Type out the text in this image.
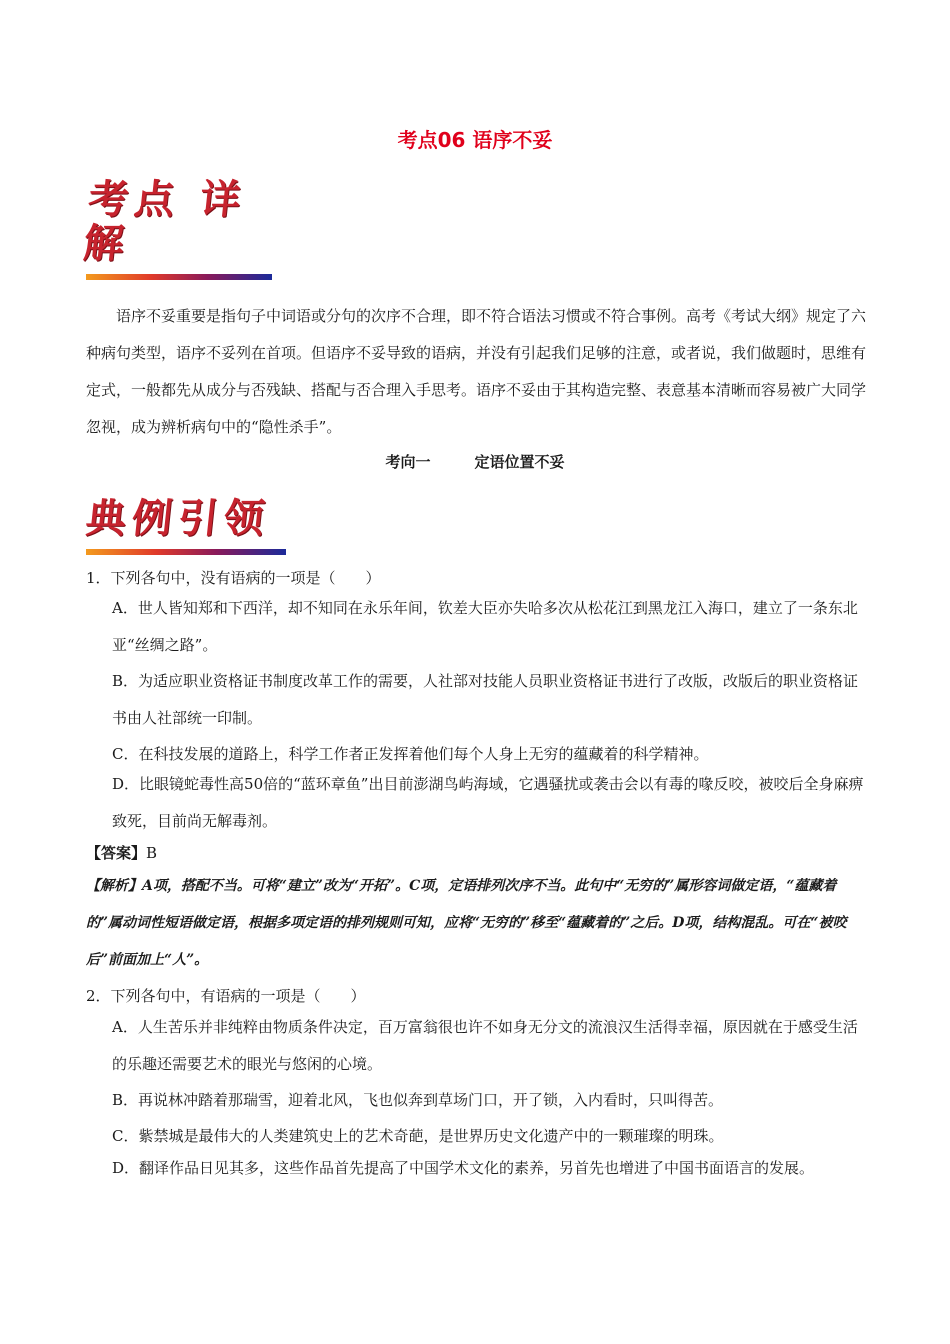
考点06 语序不妥
考点 详解

语序不妥重要是指句子中词语或分句的次序不合理，即不符合语法习惯或不符合事例。高考《考试大纲》规定了六种病句类型，语序不妥列在首项。但语序不妥导致的语病，并没有引起我们足够的注意，或者说，我们做题时，思维有定式，一般都先从成分与否残缺、搭配与否合理入手思考。语序不妥由于其构造完整、表意基本清晰而容易被广大同学忽视，成为辨析病句中的“隐性杀手”。

考向一	定语位置不妥
典例引领

1．下列各句中，没有语病的一项是（　　）

A．世人皆知郑和下西洋，却不知同在永乐年间，钦差大臣亦失哈多次从松花江到黑龙江入海口，建立了一条东北亚“丝绸之路”。

B．为适应职业资格证书制度改革工作的需要，人社部对技能人员职业资格证书进行了改版，改版后的职业资格证书由人社部统一印制。

C．在科技发展的道路上，科学工作者正发挥着他们每个人身上无穷的蕴藏着的科学精神。

D．比眼镜蛇毒性高50倍的“蓝环章鱼”出目前澎湖鸟屿海域，它遇骚扰或袭击会以有毒的喙反咬，被咬后全身麻痹致死，目前尚无解毒剂。

【答案】B

【解析】A项，搭配不当。可将“建立”改为“开拓”。C项，定语排列次序不当。此句中“无穷的”属形容词做定语，“蕴藏着的”属动词性短语做定语，根据多项定语的排列规则可知，应将“无穷的”移至“蕴藏着的”之后。D项，结构混乱。可在“被咬后”前面加上“人”。

2．下列各句中，有语病的一项是（　　）

A．人生苦乐并非纯粹由物质条件决定，百万富翁很也许不如身无分文的流浪汉生活得幸福，原因就在于感受生活的乐趣还需要艺术的眼光与悠闲的心境。

B．再说林冲踏着那瑞雪，迎着北风，飞也似奔到草场门口，开了锁，入内看时，只叫得苦。

C．紫禁城是最伟大的人类建筑史上的艺术奇葩，是世界历史文化遗产中的一颗璀璨的明珠。

D．翻译作品日见其多，这些作品首先提高了中国学术文化的素养，另首先也增进了中国书面语言的发展。
